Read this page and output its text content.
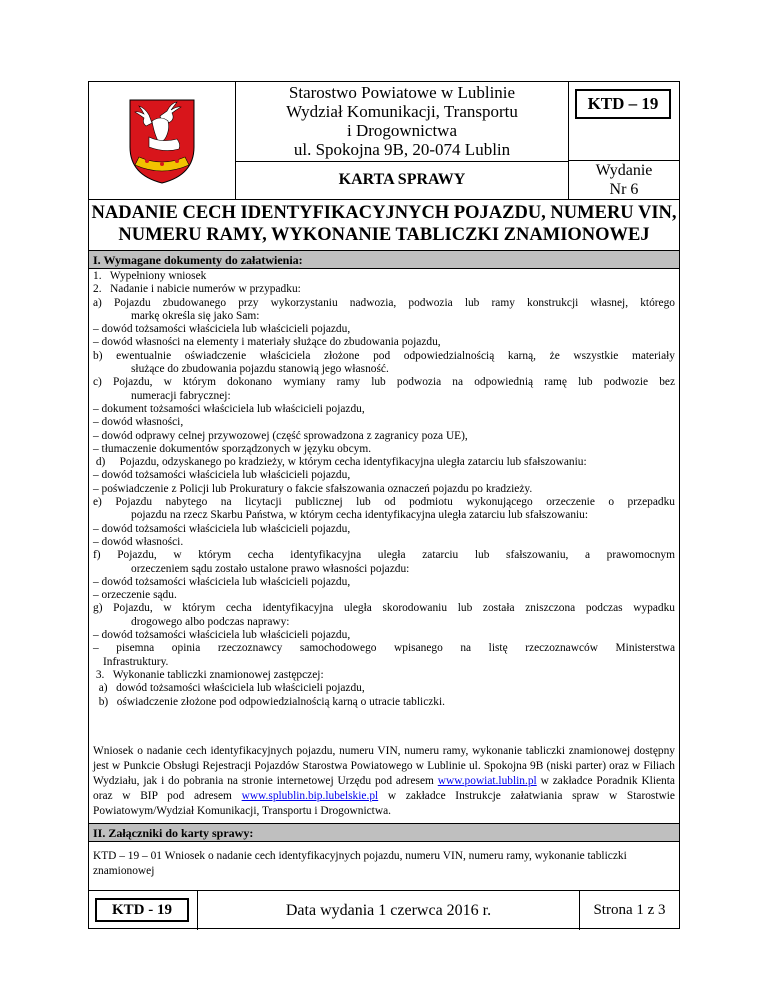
Starostwo Powiatowe w Lublinie
Wydział Komunikacji, Transportu
i Drogownictwa
ul. Spokojna 9B, 20-074 Lublin
KARTA SPRAWY
KTD – 19
Wydanie
Nr 6
NADANIE CECH IDENTYFIKACYJNYCH POJAZDU, NUMERU VIN,
NUMERU RAMY, WYKONANIE TABLICZKI ZNAMIONOWEJ
I. Wymagane dokumenty do załatwienia:
1.   Wypełniony wniosek
2.   Nadanie i nabicie numerów w przypadku:
a) Pojazdu zbudowanego przy wykorzystaniu nadwozia, podwozia lub ramy konstrukcji własnej, którego
markę określa się jako Sam:
– dowód tożsamości właściciela lub właścicieli pojazdu,
– dowód własności na elementy i materiały służące do zbudowania pojazdu,
b) ewentualnie oświadczenie właściciela złożone pod odpowiedzialnością karną, że wszystkie materiały
służące do zbudowania pojazdu stanowią jego własność.
c) Pojazdu, w którym dokonano wymiany ramy lub podwozia na odpowiednią ramę lub podwozie bez
numeracji fabrycznej:
– dokument tożsamości właściciela lub właścicieli pojazdu,
– dowód własności,
– dowód odprawy celnej przywozowej (część sprowadzona z zagranicy poza UE),
– tłumaczenie dokumentów sporządzonych w języku obcym.
d)     Pojazdu, odzyskanego po kradzieży, w którym cecha identyfikacyjna uległa zatarciu lub sfałszowaniu:
– dowód tożsamości właściciela lub właścicieli pojazdu,
– poświadczenie z Policji lub Prokuratury o fakcie sfałszowania oznaczeń pojazdu po kradzieży.
e) Pojazdu nabytego na licytacji publicznej lub od podmiotu wykonującego orzeczenie o przepadku
pojazdu na rzecz Skarbu Państwa, w którym cecha identyfikacyjna uległa zatarciu lub sfałszowaniu:
– dowód tożsamości właściciela lub właścicieli pojazdu,
– dowód własności.
f) Pojazdu, w którym cecha identyfikacyjna uległa zatarciu lub sfałszowaniu, a prawomocnym
orzeczeniem sądu zostało ustalone prawo własności pojazdu:
– dowód tożsamości właściciela lub właścicieli pojazdu,
– orzeczenie sądu.
g) Pojazdu, w którym cecha identyfikacyjna uległa skorodowaniu lub została zniszczona podczas wypadku
drogowego albo podczas naprawy:
– dowód tożsamości właściciela lub właścicieli pojazdu,
– pisemna opinia rzeczoznawcy samochodowego wpisanego na listę rzeczoznawców Ministerstwa
Infrastruktury.
3.   Wykonanie tabliczki znamionowej zastępczej:
a)   dowód tożsamości właściciela lub właścicieli pojazdu,
b)   oświadczenie złożone pod odpowiedzialnością karną o utracie tabliczki.
Wniosek o nadanie cech identyfikacyjnych pojazdu, numeru VIN, numeru ramy, wykonanie tabliczki znamionowej dostępny jest w Punkcie Obsługi Rejestracji Pojazdów Starostwa Powiatowego w Lublinie ul. Spokojna 9B (niski parter) oraz w Filiach Wydziału, jak i do pobrania na stronie internetowej Urzędu pod adresem www.powiat.lublin.pl w zakładce Poradnik Klienta oraz w BIP pod adresem www.splublin.bip.lubelskie.pl w zakładce Instrukcje załatwiania spraw w Starostwie Powiatowym/Wydział Komunikacji, Transportu i Drogownictwa.
II. Załączniki do karty sprawy:
KTD – 19 – 01 Wniosek o nadanie cech identyfikacyjnych pojazdu, numeru VIN, numeru ramy, wykonanie tabliczki znamionowej
KTD - 19	Data wydania 1 czerwca 2016 r.	Strona 1 z 3
